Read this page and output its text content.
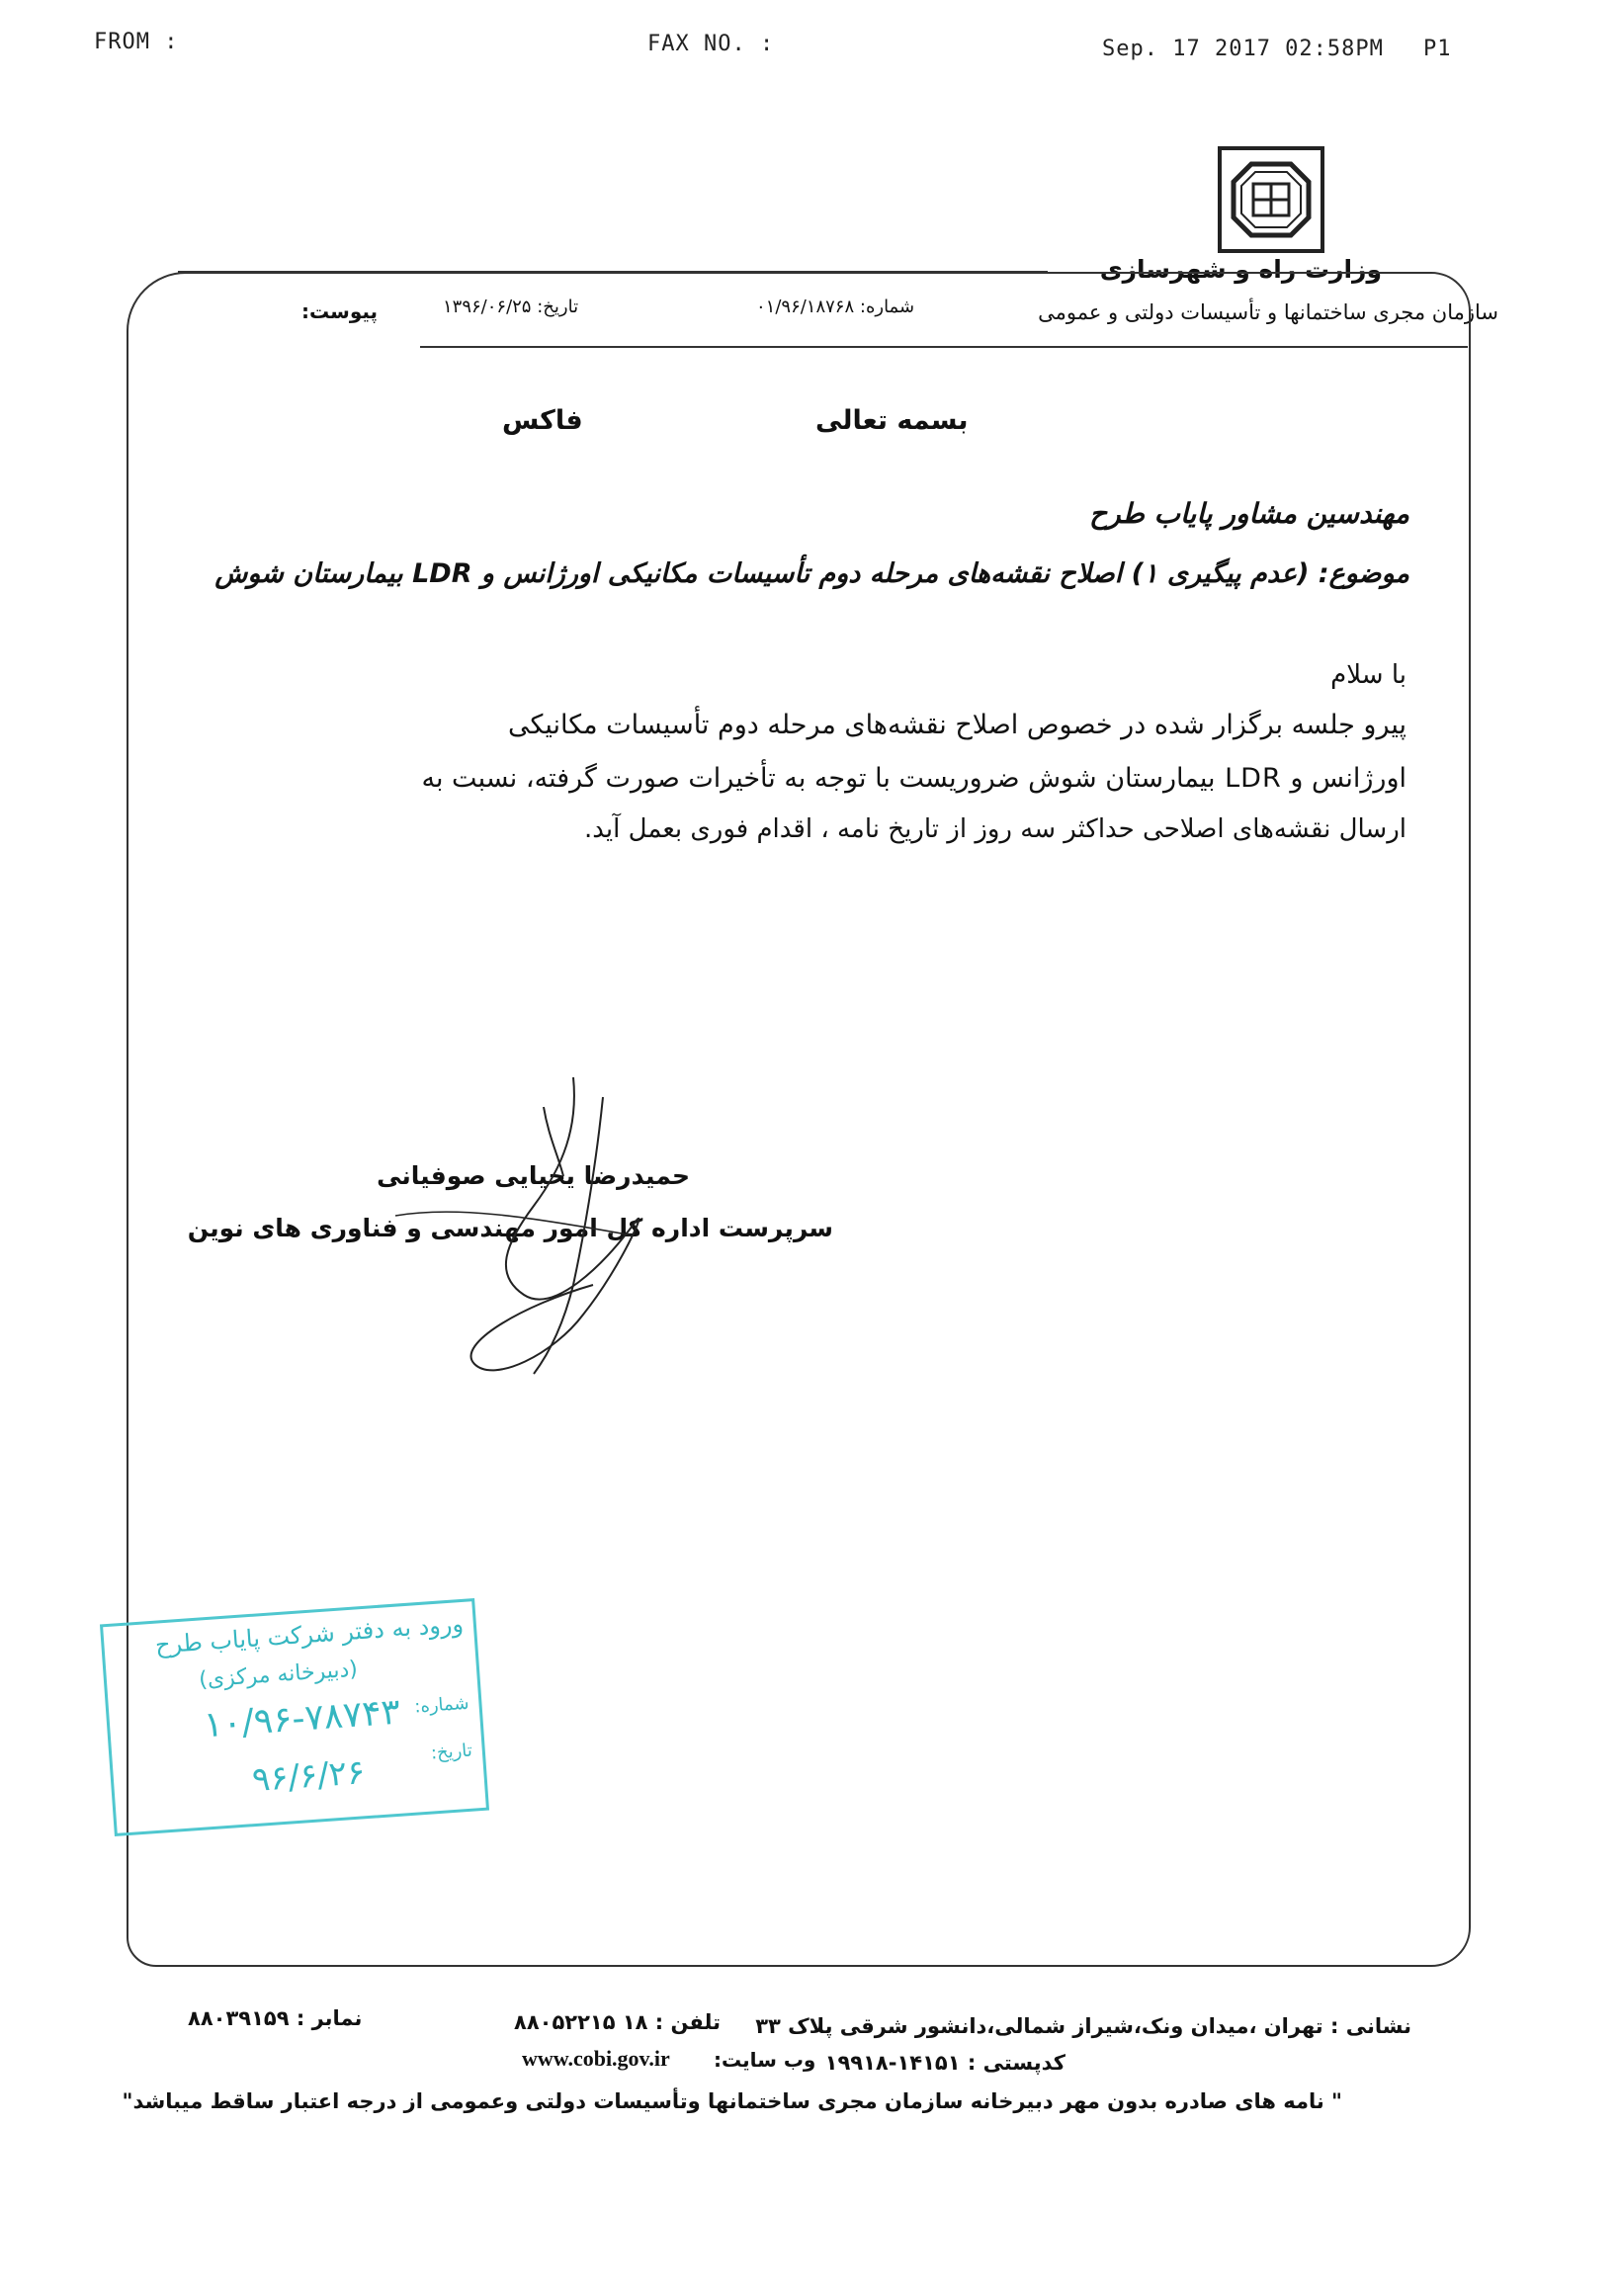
FROM :	FAX NO. :	Sep. 17 2017 02:58PM P1
وزارت راه و شهرسازی
سازمان مجری ساختمانها و تأسیسات دولتی و عمومی
شماره: ۰۱/۹۶/۱۸۷۶۸
تاریخ: ۱۳۹۶/۰۶/۲۵
پیوست:
بسمه تعالی
فاکس
مهندسین مشاور پایاب طرح
موضوع: (عدم پیگیری ۱) اصلاح نقشه‌های مرحله دوم تأسیسات مکانیکی اورژانس و LDR بیمارستان شوش
با سلام
پیرو جلسه برگزار شده در خصوص اصلاح نقشه‌های مرحله دوم تأسیسات مکانیکی
اورژانس و LDR بیمارستان شوش ضروریست با توجه به تأخیرات صورت گرفته، نسبت به
ارسال نقشه‌های اصلاحی حداکثر سه روز از تاریخ نامه ، اقدام فوری بعمل آید.
حمیدرضا یحیایی صوفیانی
سرپرست اداره کل امور مهندسی و فناوری های نوین
ورود به دفتر شرکت پایاب طرح
(دبیرخانه مرکزی)
شماره:
۱۰/۹۶-۷۸۷۴۳
تاریخ:
۹۶/۶/۲۶
نشانی : تهران ،میدان ونک،شیراز شمالی،دانشور شرقی پلاک ۳۳
کدپستی : ۱۴۱۵۱-۱۹۹۱۸
تلفن : ۱۸ ۸۸۰۵۲۲۱۵
وب سایت:
www.cobi.gov.ir
نمابر : ۸۸۰۳۹۱۵۹
" نامه های صادره بدون مهر دبیرخانه سازمان مجری ساختمانها وتأسیسات دولتی وعمومی از درجه اعتبار ساقط میباشد"
